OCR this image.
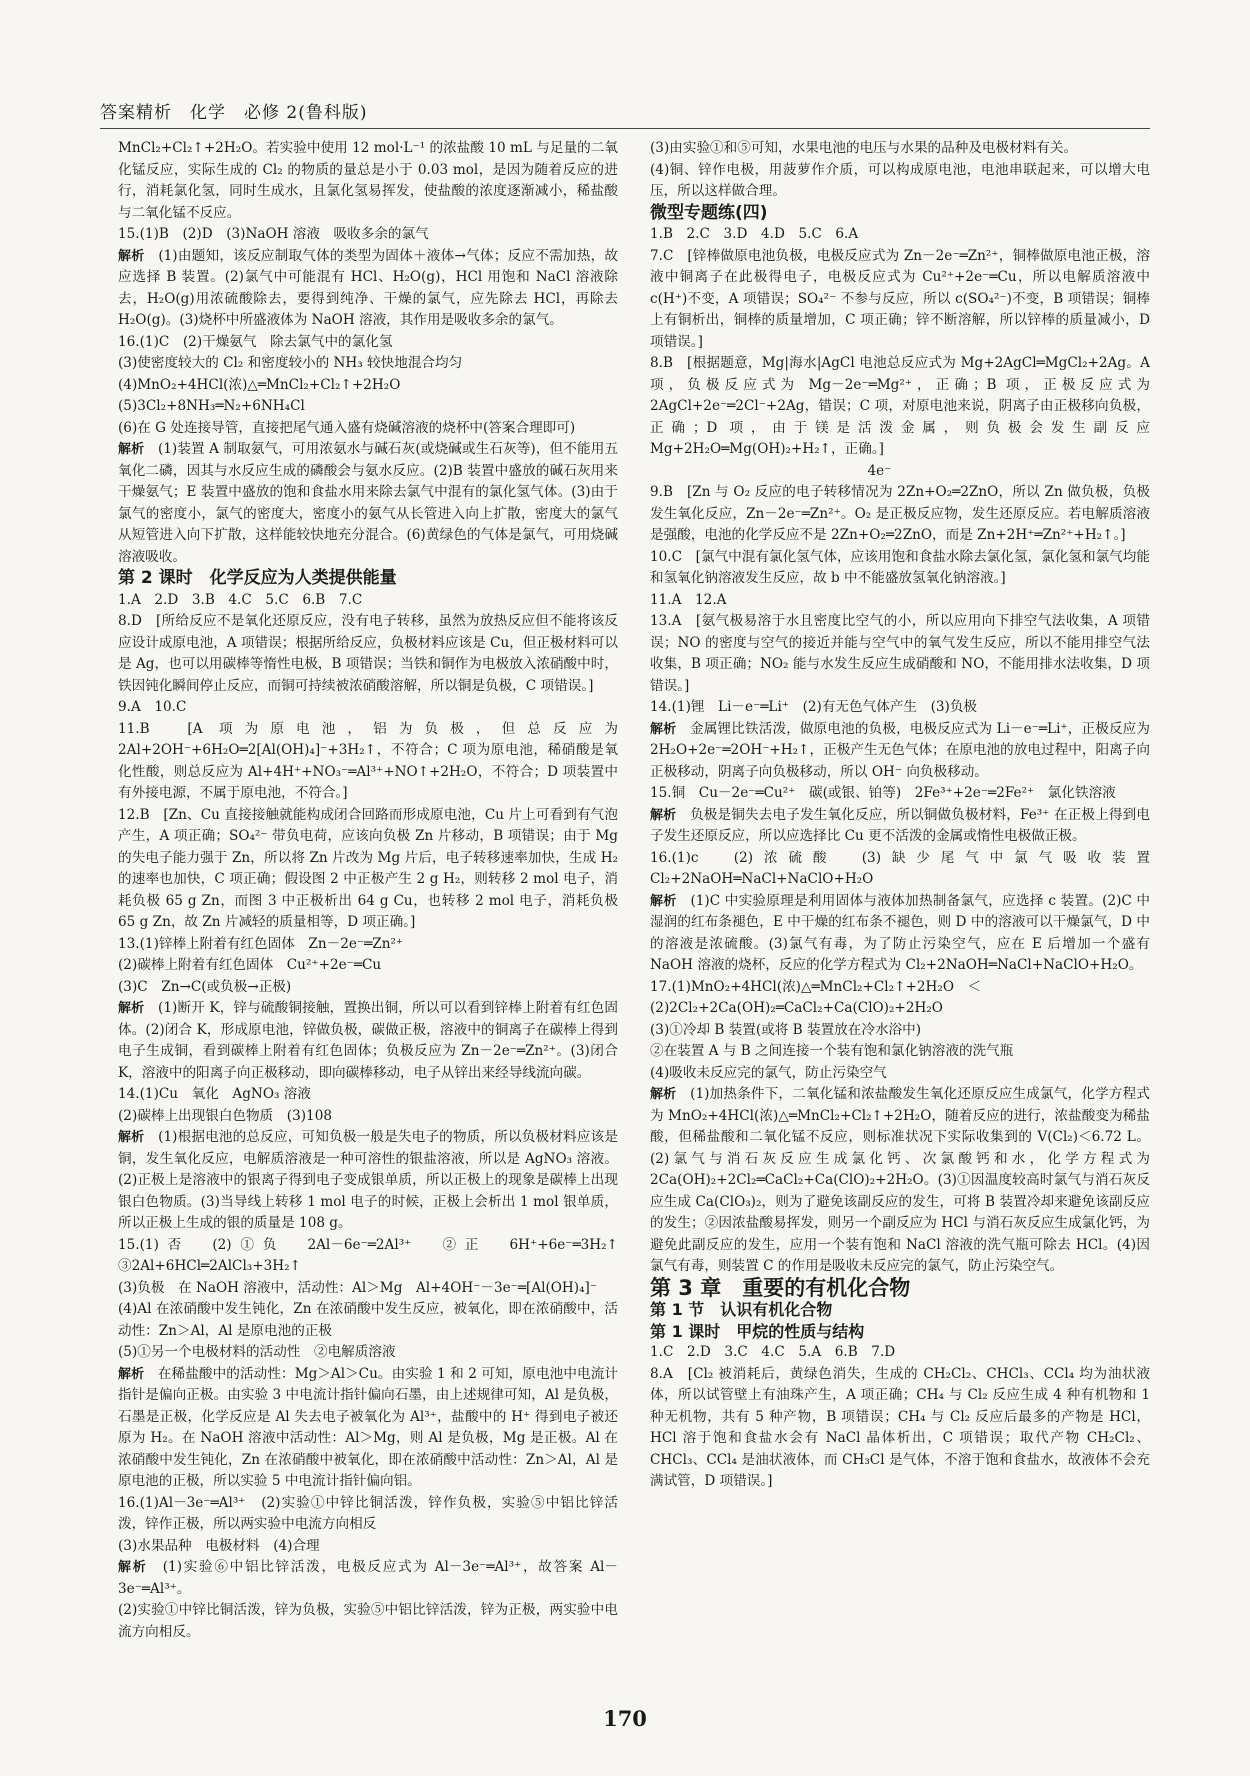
答案精析　化学　必修 2(鲁科版)

MnCl₂+Cl₂↑+2H₂O。若实验中使用 12 mol·L⁻¹ 的浓盐酸 10 mL 与足量的二氧化锰反应，实际生成的 Cl₂ 的物质的量总是小于 0.03 mol，是因为随着反应的进行，消耗氯化氢，同时生成水，且氯化氢易挥发，使盐酸的浓度逐渐减小，稀盐酸与二氧化锰不反应。

15.(1)B　(2)D　(3)NaOH 溶液　吸收多余的氯气

解析　 (1)由题知，该反应制取气体的类型为固体＋液体→气体；反应不需加热，故应选择 B 装置。(2)氯气中可能混有 HCl、H₂O(g)，HCl 用饱和 NaCl 溶液除去，H₂O(g)用浓硫酸除去，要得到纯净、干燥的氯气，应先除去 HCl，再除去 H₂O(g)。(3)烧杯中所盛液体为 NaOH 溶液，其作用是吸收多余的氯气。

16.(1)C　(2)干燥氨气　除去氯气中的氯化氢

(3)使密度较大的 Cl₂ 和密度较小的 NH₃ 较快地混合均匀

(4)MnO₂+4HCl(浓)△═MnCl₂+Cl₂↑+2H₂O

(5)3Cl₂+8NH₃═N₂+6NH₄Cl

(6)在 G 处连接导管，直接把尾气通入盛有烧碱溶液的烧杯中(答案合理即可)

解析　 (1)装置 A 制取氨气，可用浓氨水与碱石灰(或烧碱或生石灰等)，但不能用五氧化二磷，因其与水反应生成的磷酸会与氨水反应。(2)B 装置中盛放的碱石灰用来干燥氨气；E 装置中盛放的饱和食盐水用来除去氯气中混有的氯化氢气体。(3)由于氯气的密度小，氯气的密度大，密度小的氨气从长管进入向上扩散，密度大的氯气从短管进入向下扩散，这样能较快地充分混合。(6)黄绿色的气体是氯气，可用烧碱溶液吸收。

第 2 课时　化学反应为人类提供能量

1.A　2.D　3.B　4.C　5.C　6.B　7.C

8.D　[所给反应不是氧化还原反应，没有电子转移，虽然为放热反应但不能将该反应设计成原电池，A 项错误；根据所给反应，负极材料应该是 Cu，但正极材料可以是 Ag，也可以用碳棒等惰性电极，B 项错误；当铁和铜作为电极放入浓硝酸中时，铁因钝化瞬间停止反应，而铜可持续被浓硝酸溶解，所以铜是负极，C 项错误。]

9.A　10.C

11.B　[A 项为原电池，铝为负极，但总反应为 2Al+2OH⁻+6H₂O═2[Al(OH)₄]⁻+3H₂↑，不符合；C 项为原电池，稀硝酸是氧化性酸，则总反应为 Al+4H⁺+NO₃⁻═Al³⁺+NO↑+2H₂O，不符合；D 项装置中有外接电源，不属于原电池，不符合。]

12.B　[Zn、Cu 直接接触就能构成闭合回路而形成原电池，Cu 片上可看到有气泡产生，A 项正确；SO₄²⁻ 带负电荷，应该向负极 Zn 片移动，B 项错误；由于 Mg 的失电子能力强于 Zn，所以将 Zn 片改为 Mg 片后，电子转移速率加快，生成 H₂ 的速率也加快，C 项正确；假设图 2 中正极产生 2 g H₂，则转移 2 mol 电子，消耗负极 65 g Zn，而图 3 中正极析出 64 g Cu，也转移 2 mol 电子，消耗负极 65 g Zn，故 Zn 片减轻的质量相等，D 项正确。]

13.(1)锌棒上附着有红色固体　Zn－2e⁻═Zn²⁺

(2)碳棒上附着有红色固体　Cu²⁺+2e⁻═Cu

(3)C　Zn→C(或负极→正极)

解析　 (1)断开 K，锌与硫酸铜接触，置换出铜，所以可以看到锌棒上附着有红色固体。(2)闭合 K，形成原电池，锌做负极，碳做正极，溶液中的铜离子在碳棒上得到电子生成铜，看到碳棒上附着有红色固体；负极反应为 Zn－2e⁻═Zn²⁺。(3)闭合 K，溶液中的阳离子向正极移动，即向碳棒移动，电子从锌出来经导线流向碳。

14.(1)Cu　氧化　AgNO₃ 溶液

(2)碳棒上出现银白色物质　(3)108

解析　 (1)根据电池的总反应，可知负极一般是失电子的物质，所以负极材料应该是铜，发生氧化反应，电解质溶液是一种可溶性的银盐溶液，所以是 AgNO₃ 溶液。(2)正极上是溶液中的银离子得到电子变成银单质，所以正极上的现象是碳棒上出现银白色物质。(3)当导线上转移 1 mol 电子的时候，正极上会析出 1 mol 银单质，所以正极上生成的银的质量是 108 g。

15.(1)否　(2)①负　2Al－6e⁻═2Al³⁺　②正　6H⁺+6e⁻═3H₂↑　③2Al+6HCl═2AlCl₃+3H₂↑

(3)负极　在 NaOH 溶液中，活动性：Al＞Mg　Al+4OH⁻－3e⁻═[Al(OH)₄]⁻

(4)Al 在浓硝酸中发生钝化，Zn 在浓硝酸中发生反应，被氧化，即在浓硝酸中，活动性：Zn＞Al，Al 是原电池的正极

(5)①另一个电极材料的活动性　②电解质溶液

解析　 在稀盐酸中的活动性：Mg＞Al＞Cu。由实验 1 和 2 可知，原电池中电流计指针是偏向正极。由实验 3 中电流计指针偏向石墨，由上述规律可知，Al 是负极，石墨是正极，化学反应是 Al 失去电子被氧化为 Al³⁺，盐酸中的 H⁺ 得到电子被还原为 H₂。在 NaOH 溶液中活动性：Al＞Mg，则 Al 是负极，Mg 是正极。Al 在浓硝酸中发生钝化，Zn 在浓硝酸中被氧化，即在浓硝酸中活动性：Zn＞Al，Al 是原电池的正极，所以实验 5 中电流计指针偏向铝。

16.(1)Al－3e⁻═Al³⁺　(2)实验①中锌比铜活泼，锌作负极，实验⑤中铝比锌活泼，锌作正极，所以两实验中电流方向相反

(3)水果品种　电极材料　(4)合理

解析　 (1)实验⑥中铝比锌活泼，电极反应式为 Al－3e⁻═Al³⁺，故答案 Al－3e⁻═Al³⁺。

(2)实验①中锌比铜活泼，锌为负极，实验⑤中铝比锌活泼，锌为正极，两实验中电流方向相反。

(3)由实验①和⑤可知，水果电池的电压与水果的品种及电极材料有关。

(4)铜、锌作电极，用菠萝作介质，可以构成原电池，电池串联起来，可以增大电压，所以这样做合理。

微型专题练(四)

1.B　2.C　3.D　4.D　5.C　6.A

7.C　[锌棒做原电池负极，电极反应式为 Zn－2e⁻═Zn²⁺，铜棒做原电池正极，溶液中铜离子在此极得电子，电极反应式为 Cu²⁺+2e⁻═Cu，所以电解质溶液中 c(H⁺)不变，A 项错误；SO₄²⁻ 不参与反应，所以 c(SO₄²⁻)不变，B 项错误；铜棒上有铜析出，铜棒的质量增加，C 项正确；锌不断溶解，所以锌棒的质量减小，D 项错误。]

8.B　[根据题意，Mg|海水|AgCl 电池总反应式为 Mg+2AgCl═MgCl₂+2Ag。A 项，负极反应式为 Mg－2e⁻═Mg²⁺，正确；B 项，正极反应式为 2AgCl+2e⁻═2Cl⁻+2Ag，错误；C 项，对原电池来说，阴离子由正极移向负极，正确；D 项，由于镁是活泼金属，则负极会发生副反应 Mg+2H₂O═Mg(OH)₂+H₂↑，正确。]

　　　　　　　　　　　　　　　　4e⁻

9.B　[Zn 与 O₂ 反应的电子转移情况为 2Zn+O₂═2ZnO，所以 Zn 做负极，负极发生氧化反应，Zn－2e⁻═Zn²⁺。O₂ 是正极反应物，发生还原反应。若电解质溶液是强酸，电池的化学反应不是 2Zn+O₂═2ZnO，而是 Zn+2H⁺═Zn²⁺+H₂↑。]

10.C　[氯气中混有氯化氢气体，应该用饱和食盐水除去氯化氢，氯化氢和氯气均能和氢氧化钠溶液发生反应，故 b 中不能盛放氢氧化钠溶液。]

11.A　12.A

13.A　[氨气极易溶于水且密度比空气的小，所以应用向下排空气法收集，A 项错误；NO 的密度与空气的接近并能与空气中的氧气发生反应，所以不能用排空气法收集，B 项正确；NO₂ 能与水发生反应生成硝酸和 NO，不能用排水法收集，D 项错误。]

14.(1)锂　Li－e⁻═Li⁺　(2)有无色气体产生　(3)负极

解析　 金属锂比铁活泼，做原电池的负极，电极反应式为 Li－e⁻═Li⁺，正极反应为 2H₂O+2e⁻═2OH⁻+H₂↑，正极产生无色气体；在原电池的放电过程中，阳离子向正极移动，阴离子向负极移动，所以 OH⁻ 向负极移动。

15.铜　Cu－2e⁻═Cu²⁺　碳(或银、铂等)　2Fe³⁺+2e⁻═2Fe²⁺　氯化铁溶液

解析　 负极是铜失去电子发生氧化反应，所以铜做负极材料，Fe³⁺ 在正极上得到电子发生还原反应，所以应选择比 Cu 更不活泼的金属或惰性电极做正极。

16.(1)c　(2)浓硫酸　(3)缺少尾气中氯气吸收装置　Cl₂+2NaOH═NaCl+NaClO+H₂O

解析　 (1)C 中实验原理是利用固体与液体加热制备氯气，应选择 c 装置。(2)C 中湿润的红布条褪色，E 中干燥的红布条不褪色，则 D 中的溶液可以干燥氯气，D 中的溶液是浓硫酸。(3)氯气有毒，为了防止污染空气，应在 E 后增加一个盛有 NaOH 溶液的烧杯，反应的化学方程式为 Cl₂+2NaOH═NaCl+NaClO+H₂O。

17.(1)MnO₂+4HCl(浓)△═MnCl₂+Cl₂↑+2H₂O　＜

(2)2Cl₂+2Ca(OH)₂═CaCl₂+Ca(ClO)₂+2H₂O

(3)①冷却 B 装置(或将 B 装置放在冷水浴中)

②在装置 A 与 B 之间连接一个装有饱和氯化钠溶液的洗气瓶

(4)吸收未反应完的氯气，防止污染空气

解析　 (1)加热条件下，二氧化锰和浓盐酸发生氧化还原反应生成氯气，化学方程式为 MnO₂+4HCl(浓)△═MnCl₂+Cl₂↑+2H₂O，随着反应的进行，浓盐酸变为稀盐酸，但稀盐酸和二氧化锰不反应，则标准状况下实际收集到的 V(Cl₂)＜6.72 L。(2)氯气与消石灰反应生成氯化钙、次氯酸钙和水，化学方程式为 2Ca(OH)₂+2Cl₂═CaCl₂+Ca(ClO)₂+2H₂O。(3)①因温度较高时氯气与消石灰反应生成 Ca(ClO₃)₂，则为了避免该副反应的发生，可将 B 装置冷却来避免该副反应的发生；②因浓盐酸易挥发，则另一个副反应为 HCl 与消石灰反应生成氯化钙，为避免此副反应的发生，应用一个装有饱和 NaCl 溶液的洗气瓶可除去 HCl。(4)因氯气有毒，则装置 C 的作用是吸收未反应完的氯气，防止污染空气。

第 3 章　重要的有机化合物

第 1 节　认识有机化合物

第 1 课时　甲烷的性质与结构

1.C　2.D　3.C　4.C　5.A　6.B　7.D

8.A　[Cl₂ 被消耗后，黄绿色消失，生成的 CH₂Cl₂、CHCl₃、CCl₄ 均为油状液体，所以试管壁上有油珠产生，A 项正确；CH₄ 与 Cl₂ 反应生成 4 种有机物和 1 种无机物，共有 5 种产物，B 项错误；CH₄ 与 Cl₂ 反应后最多的产物是 HCl，HCl 溶于饱和食盐水会有 NaCl 晶体析出，C 项错误；取代产物 CH₂Cl₂、CHCl₃、CCl₄ 是油状液体，而 CH₃Cl 是气体，不溶于饱和食盐水，故液体不会充满试管，D 项错误。]

170
